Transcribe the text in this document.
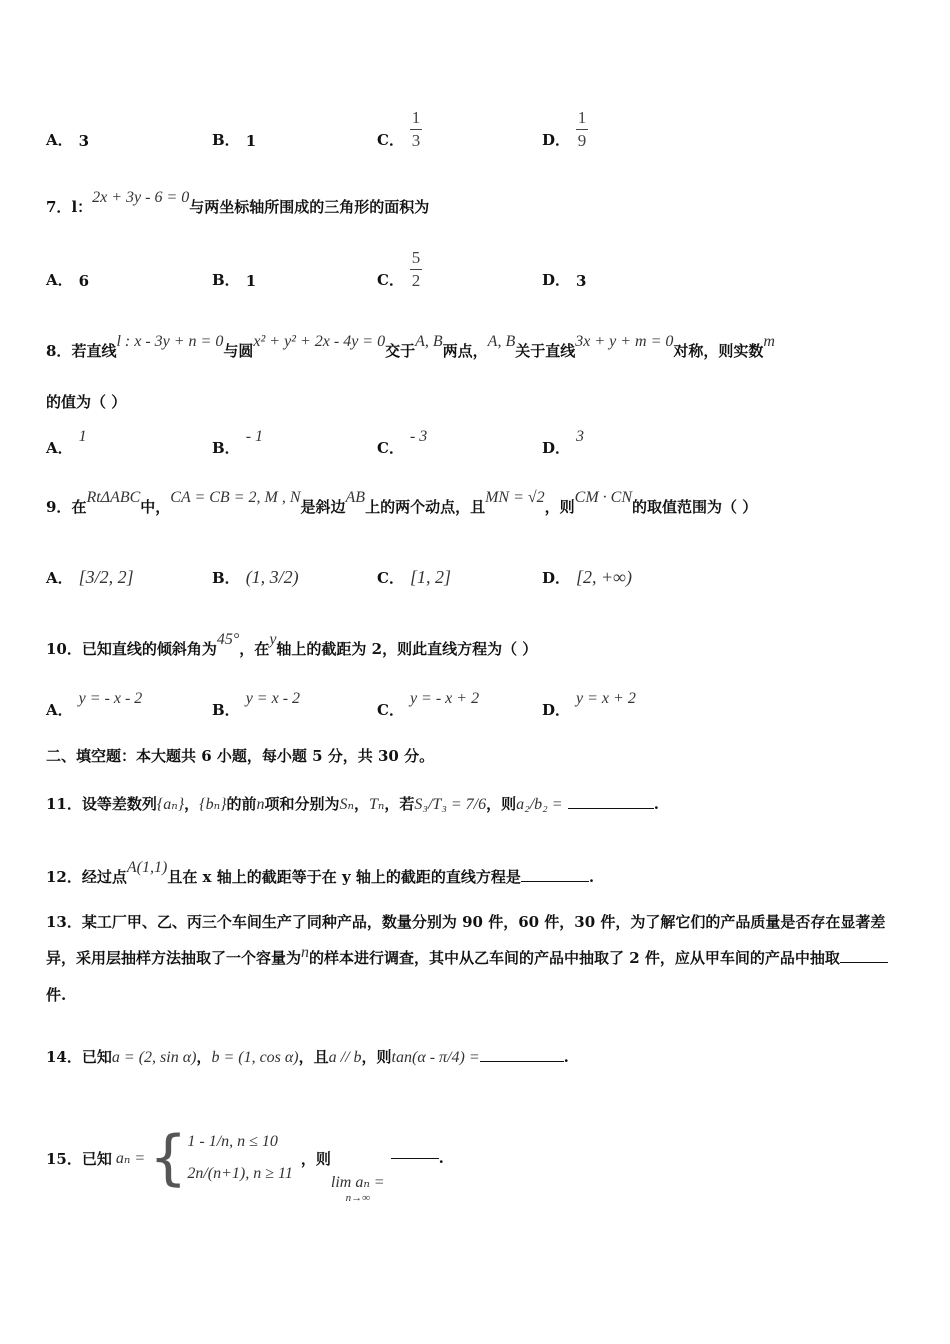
A． 3	B． 1	C． $\frac{1}{3}$	D． $\frac{1}{9}$
7．l：2x + 3y - 6 = 0与两坐标轴所围成的三角形的面积为
A． 6	B． 1	C． $\frac{5}{2}$	D． 3
8．若直线l : x - 3y + n = 0与圆x² + y² + 2x - 4y = 0交于A, B两点，A, B关于直线3x + y + m = 0对称，则实数m
的值为（ ）
A．
1
B．
- 1
C．
- 3
D．
3
9．在RtΔABC中，CA = CB = 2, M , N是斜边AB上的两个动点，且MN = √2，则CM · CN的取值范围为（ ）
A． [3/2, 2]	B． (1, 3/2)	C． [1, 2]	D． [2, +∞)
10．已知直线的倾斜角为45°，在y轴上的截距为 2，则此直线方程为（ ）
A．
y = - x - 2
B．
y = x - 2
C．
y = - x + 2
D．
y = x + 2
二、填空题：本大题共 6 小题，每小题 5 分，共 30 分。
11．设等差数列{aₙ}，{bₙ}的前n项和分别为Sₙ，Tₙ，若S₃/T₃ = 7/6，则a₂/b₂ =	.
12．经过点A(1,1)且在 x 轴上的截距等于在 y 轴上的截距的直线方程是	.
13．某工厂甲、乙、丙三个车间生产了同种产品，数量分别为 90 件，60 件，30 件，为了解它们的产品质量是否存在显著差异，采用层抽样方法抽取了一个容量为n的样本进行调查，其中从乙车间的产品中抽取了 2 件，应从甲车间的产品中抽取件.
14．已知a = (2, sin α)，b = (1, cos α)，且a // b，则tan(α - π/4) =	.
15． 已知 aₙ = { 1 - 1/n, n ≤ 10
2n/(n+1), n ≥ 11
，则
lim aₙ =
n→∞
.
